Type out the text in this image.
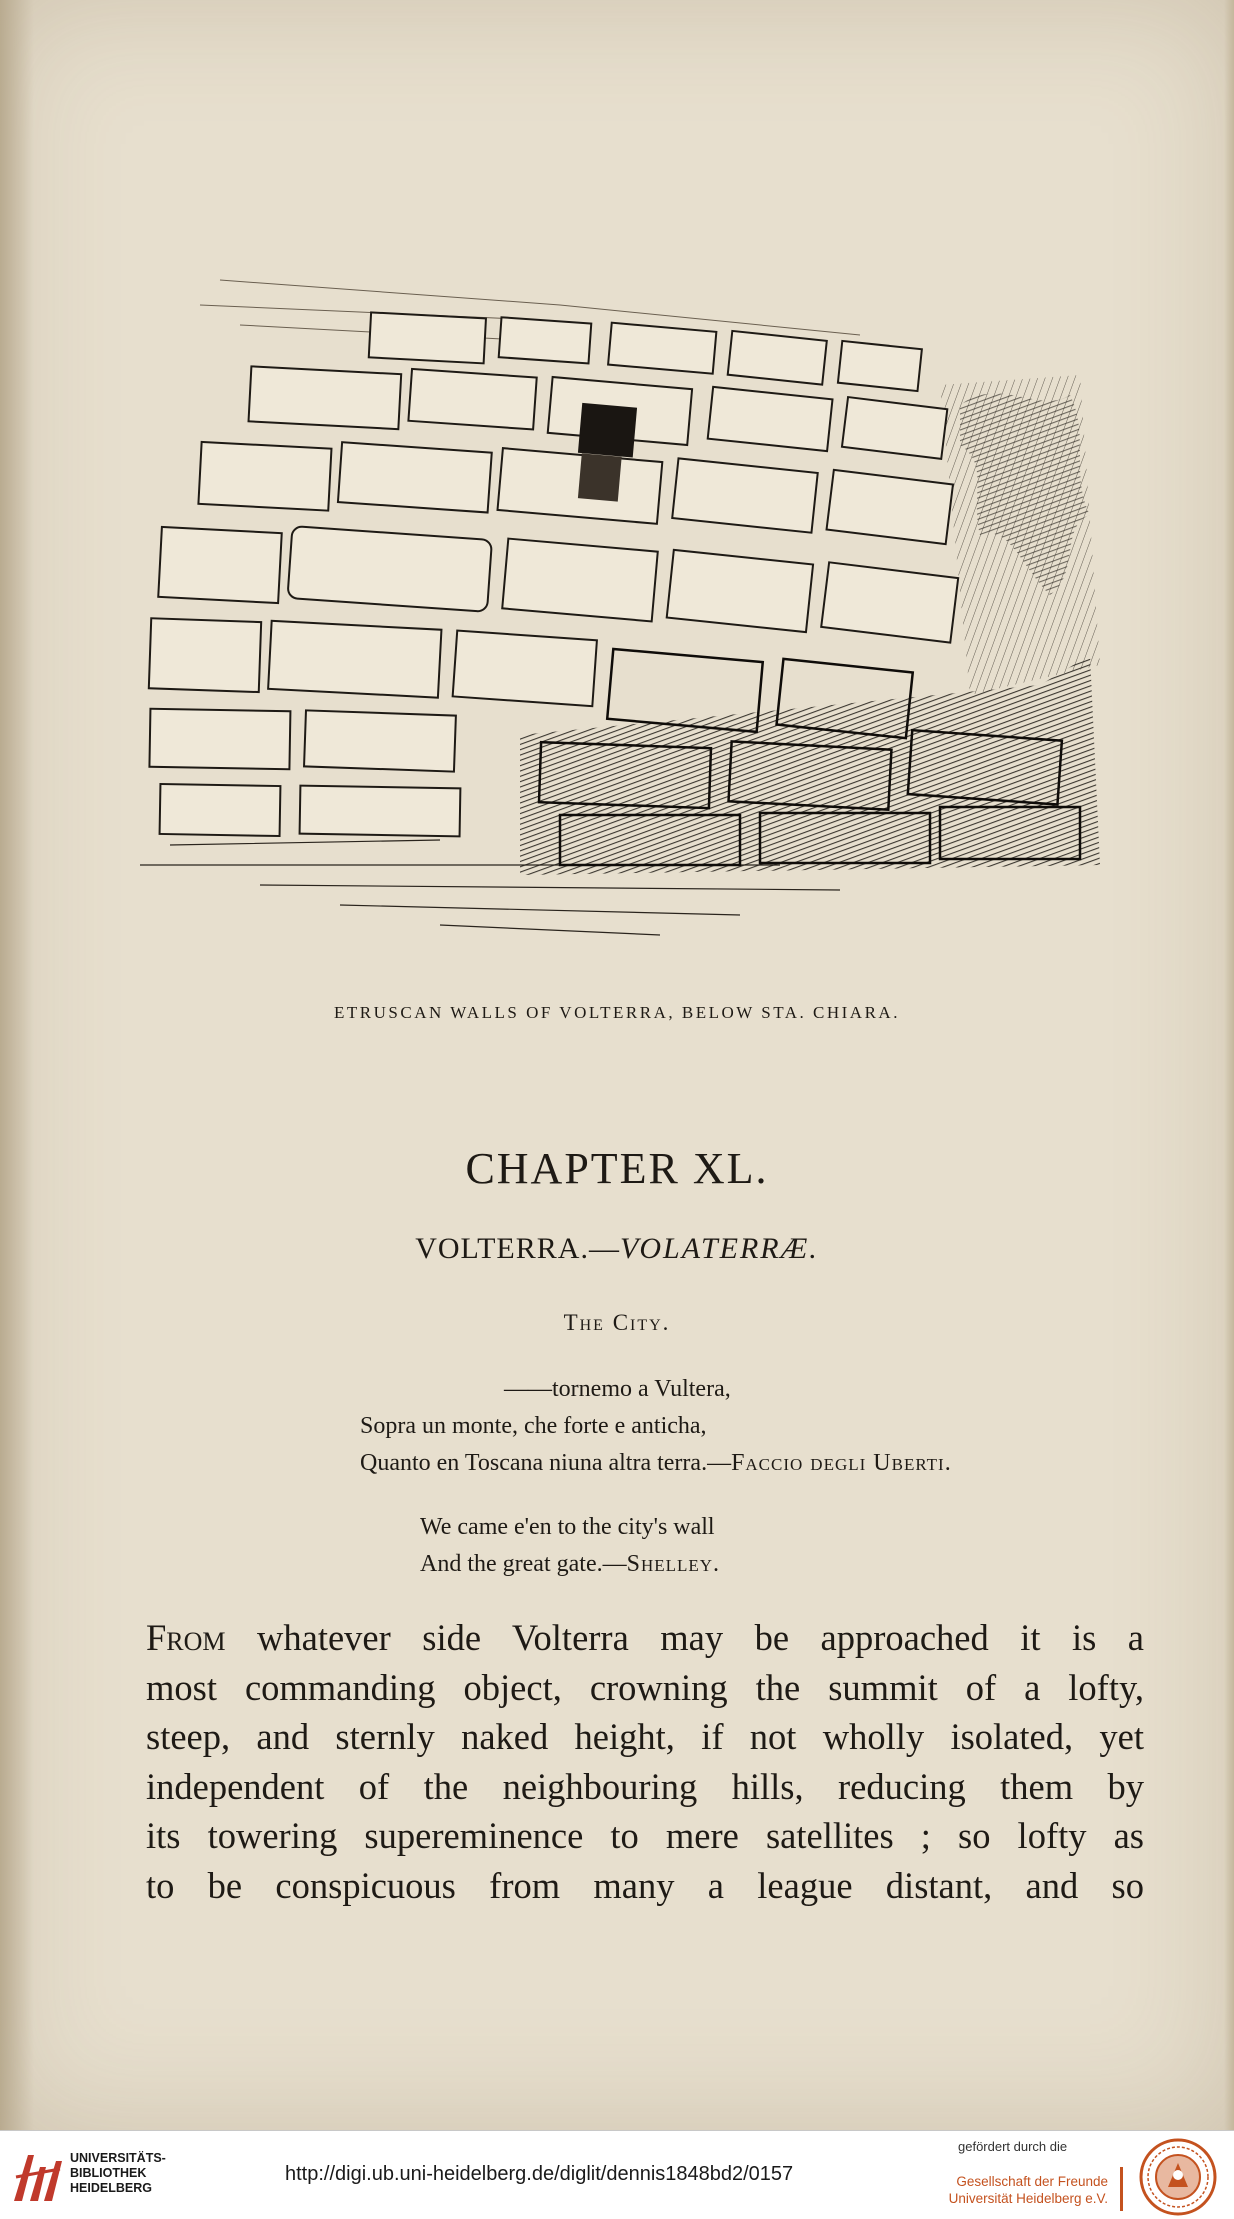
ETRUSCAN WALLS OF VOLTERRA, BELOW STA. CHIARA.
CHAPTER XL.
VOLTERRA.—VOLATERRÆ.
The City.
——tornemo a Vultera,
Sopra un monte, che forte e anticha,
Quanto en Toscana niuna altra terra.—Faccio degli Uberti.
We came e'en to the city's wall
And the great gate.—Shelley.
From whatever side Volterra may be approached it is a
most commanding object, crowning the summit of a lofty,
steep, and sternly naked height, if not wholly isolated, yet
independent of the neighbouring hills, reducing them by
its towering supereminence to mere satellites ; so lofty as
to be conspicuous from many a league distant, and so
UNIVERSITÄTS-
BIBLIOTHEK
HEIDELBERG
http://digi.ub.uni-heidelberg.de/diglit/dennis1848bd2/0157
gefördert durch die
Gesellschaft der Freunde
Universität Heidelberg e.V.
